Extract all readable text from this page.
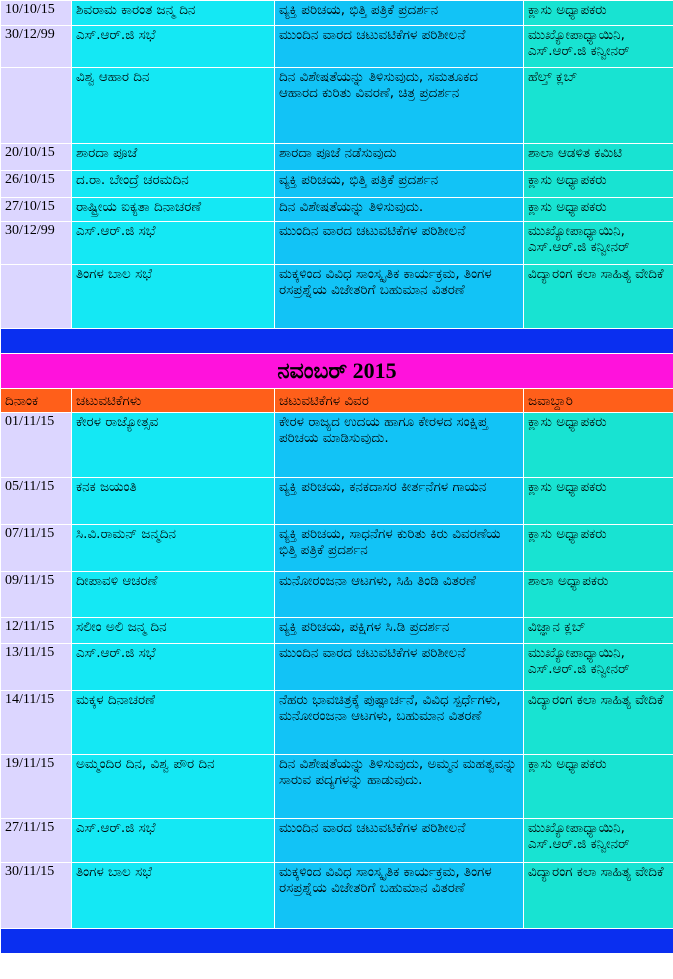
10/10/15	ಶಿವರಾಮ ಕಾರಂತ ಜನ್ಮ ದಿನ	ವ್ಯಕ್ತಿ ಪರಿಚಯ, ಭಿತ್ತಿ ಪತ್ರಿಕೆ ಪ್ರದರ್ಶನ	ಕ್ಲಾಸು ಅಧ್ಯಾಪಕರು
30/12/99	ಎಸ್.ಆರ್.ಜಿ ಸಭೆ	ಮುಂದಿನ ವಾರದ ಚಟುವಟಿಕೆಗಳ ಪರಿಶೀಲನೆ	ಮುಖ್ಯೋಪಾಧ್ಯಾಯಿನಿ, ಎಸ್.ಆರ್.ಜಿ ಕನ್ವೀನರ್
	ವಿಶ್ವ ಆಹಾರ ದಿನ	ದಿನ ವಿಶೇಷತೆಯನ್ನು ತಿಳಿಸುವುದು, ಸಮತೂಕದ ಆಹಾರದ ಕುರಿತು ವಿವರಣೆ, ಚಿತ್ರ ಪ್ರದರ್ಶನ	ಹೆಲ್ತ್ ಕ್ಲಬ್
20/10/15	ಶಾರದಾ ಪೂಜೆ	ಶಾರದಾ ಪೂಜೆ ನಡೆಸುವುದು	ಶಾಲಾ ಆಡಳಿತ ಕಮಿಟಿ
26/10/15	ದ.ರಾ. ಬೇಂದ್ರೆ ಚರಮದಿನ	ವ್ಯಕ್ತಿ ಪರಿಚಯ, ಭಿತ್ತಿ ಪತ್ರಿಕೆ ಪ್ರದರ್ಶನ	ಕ್ಲಾಸು ಅಧ್ಯಾಪಕರು
27/10/15	ರಾಷ್ಟ್ರೀಯ ಐಕ್ಯತಾ ದಿನಾಚರಣೆ	ದಿನ ವಿಶೇಷತೆಯನ್ನು ತಿಳಿಸುವುದು.	ಕ್ಲಾಸು ಅಧ್ಯಾಪಕರು
30/12/99	ಎಸ್.ಆರ್.ಜಿ ಸಭೆ	ಮುಂದಿನ ವಾರದ ಚಟುವಟಿಕೆಗಳ ಪರಿಶೀಲನೆ	ಮುಖ್ಯೋಪಾಧ್ಯಾಯಿನಿ, ಎಸ್.ಆರ್.ಜಿ ಕನ್ವೀನರ್
	ತಿಂಗಳ ಬಾಲ ಸಭೆ	ಮಕ್ಕಳಿಂದ ವಿವಿಧ ಸಾಂಸ್ಕೃತಿಕ ಕಾರ್ಯಕ್ರಮ, ತಿಂಗಳ ರಸಪ್ರಶ್ನೆಯ ವಿಜೇತರಿಗೆ ಬಹುಮಾನ ವಿತರಣೆ	ವಿದ್ಯಾರಂಗ ಕಲಾ ಸಾಹಿತ್ಯ ವೇದಿಕೆ

ನವಂಬರ್ 2015			
ದಿನಾಂಕ	ಚಟುವಟಿಕೆಗಳು	ಚಟುವಟಿಕೆಗಳ ವಿವರ	ಜವಾಬ್ದಾರಿ
01/11/15	ಕೇರಳ ರಾಜ್ಯೋತ್ಸವ	ಕೇರಳ ರಾಜ್ಯದ ಉದಯ ಹಾಗೂ ಕೇರಳದ ಸಂಕ್ಷಿಪ್ತ ಪರಿಚಯ ಮಾಡಿಸುವುದು.	ಕ್ಲಾಸು ಅಧ್ಯಾಪಕರು
05/11/15	ಕನಕ ಜಯಂತಿ	ವ್ಯಕ್ತಿ ಪರಿಚಯ, ಕನಕದಾಸರ ಕೀರ್ತನೆಗಳ ಗಾಯನ	ಕ್ಲಾಸು ಅಧ್ಯಾಪಕರು
07/11/15	ಸಿ.ವಿ.ರಾಮನ್ ಜನ್ಮದಿನ	ವ್ಯಕ್ತಿ ಪರಿಚಯ, ಸಾಧನೆಗಳ ಕುರಿತು ಕಿರು ವಿವರಣೆಯ ಭಿತ್ತಿ ಪತ್ರಿಕೆ ಪ್ರದರ್ಶನ	ಕ್ಲಾಸು ಅಧ್ಯಾಪಕರು
09/11/15	ದೀಪಾವಳಿ ಆಚರಣೆ	ಮನೋರಂಜನಾ ಆಟಗಳು, ಸಿಹಿ ತಿಂಡಿ ವಿತರಣೆ	ಶಾಲಾ ಅಧ್ಯಾಪಕರು
12/11/15	ಸಲೀಂ ಅಲಿ ಜನ್ಮ ದಿನ	ವ್ಯಕ್ತಿ ಪರಿಚಯ, ಪಕ್ಷಿಗಳ ಸಿ.ಡಿ ಪ್ರದರ್ಶನ	ವಿಜ್ಞಾನ ಕ್ಲಬ್
13/11/15	ಎಸ್.ಆರ್.ಜಿ ಸಭೆ	ಮುಂದಿನ ವಾರದ ಚಟುವಟಿಕೆಗಳ ಪರಿಶೀಲನೆ	ಮುಖ್ಯೋಪಾಧ್ಯಾಯಿನಿ, ಎಸ್.ಆರ್.ಜಿ ಕನ್ವೀನರ್
14/11/15	ಮಕ್ಕಳ ದಿನಾಚರಣೆ	ನೆಹರು ಭಾವಚಿತ್ರಕ್ಕೆ ಪುಷ್ಪಾರ್ಚನೆ, ವಿವಿಧ ಸ್ಪರ್ಧೆಗಳು, ಮನೋರಂಜನಾ ಆಟಗಳು, ಬಹುಮಾನ ವಿತರಣೆ	ವಿದ್ಯಾರಂಗ ಕಲಾ ಸಾಹಿತ್ಯ ವೇದಿಕೆ
19/11/15	ಅಮ್ಮಂದಿರ ದಿನ, ವಿಶ್ವ ಪೌರ ದಿನ	ದಿನ ವಿಶೇಷತೆಯನ್ನು ತಿಳಿಸುವುದು, ಅಮ್ಮನ ಮಹತ್ವವನ್ನು ಸಾರುವ ಪದ್ಯಗಳನ್ನು ಹಾಡುವುದು.	ಕ್ಲಾಸು ಅಧ್ಯಾಪಕರು
27/11/15	ಎಸ್.ಆರ್.ಜಿ ಸಭೆ	ಮುಂದಿನ ವಾರದ ಚಟುವಟಿಕೆಗಳ ಪರಿಶೀಲನೆ	ಮುಖ್ಯೋಪಾಧ್ಯಾಯಿನಿ, ಎಸ್.ಆರ್.ಜಿ ಕನ್ವೀನರ್
30/11/15	ತಿಂಗಳ ಬಾಲ ಸಭೆ	ಮಕ್ಕಳಿಂದ ವಿವಿಧ ಸಾಂಸ್ಕೃತಿಕ ಕಾರ್ಯಕ್ರಮ, ತಿಂಗಳ ರಸಪ್ರಶ್ನೆಯ ವಿಜೇತರಿಗೆ ಬಹುಮಾನ ವಿತರಣೆ	ವಿದ್ಯಾರಂಗ ಕಲಾ ಸಾಹಿತ್ಯ ವೇದಿಕೆ
